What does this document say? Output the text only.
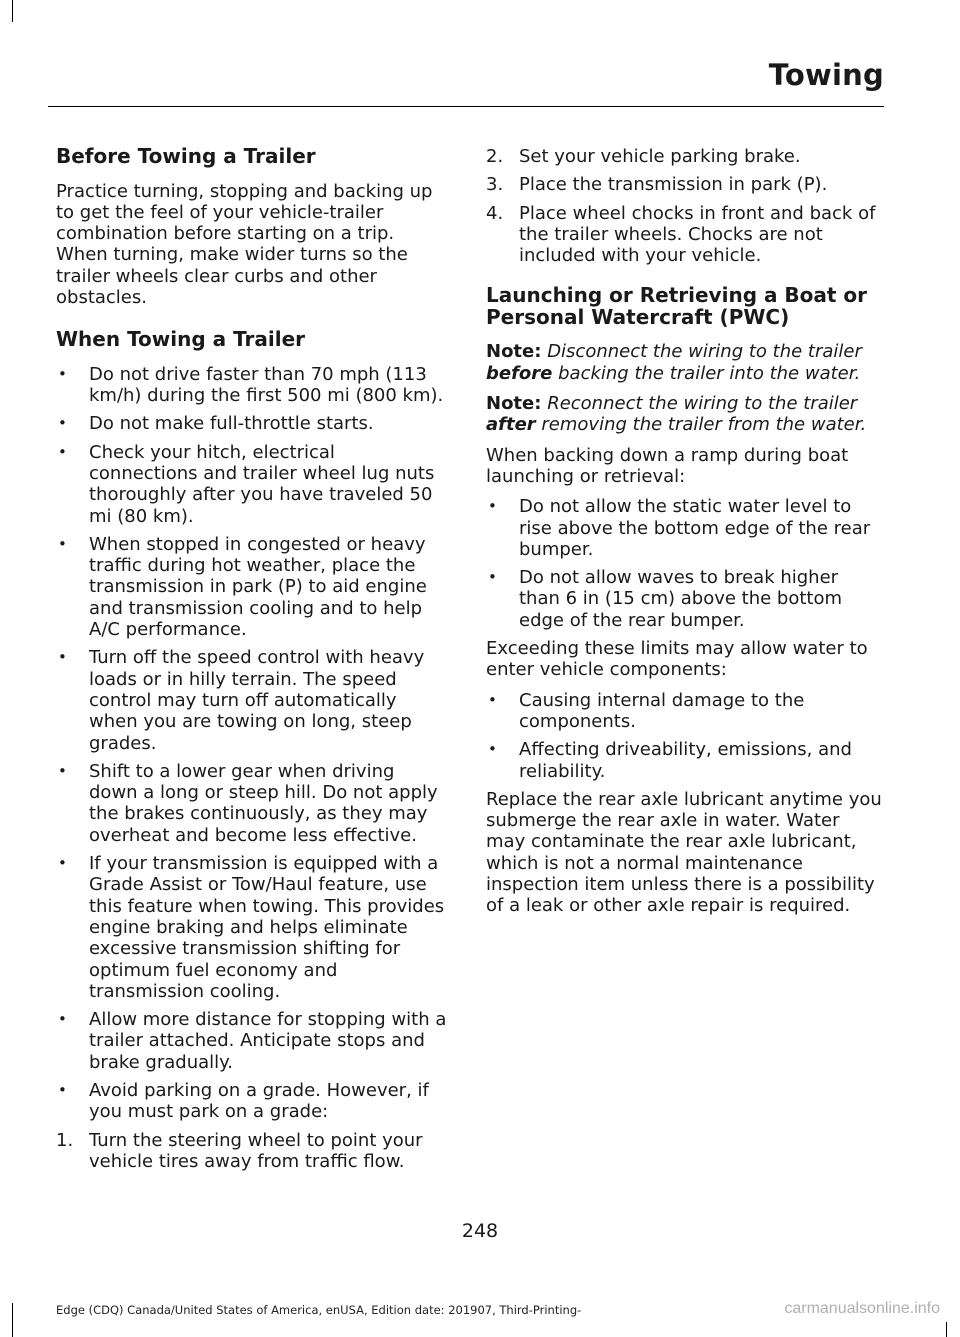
Towing
Before Towing a Trailer

Practice turning, stopping and backing up to get the feel of your vehicle-trailer combination before starting on a trip. When turning, make wider turns so the trailer wheels clear curbs and other obstacles.

When Towing a Trailer
• Do not drive faster than 70 mph (113 km/h) during the first 500 mi (800 km).
• Do not make full-throttle starts.
• Check your hitch, electrical connections and trailer wheel lug nuts thoroughly after you have traveled 50 mi (80 km).
• When stopped in congested or heavy traffic during hot weather, place the transmission in park (P) to aid engine and transmission cooling and to help A/C performance.
• Turn off the speed control with heavy loads or in hilly terrain. The speed control may turn off automatically when you are towing on long, steep grades.
• Shift to a lower gear when driving down a long or steep hill. Do not apply the brakes continuously, as they may overheat and become less effective.
• If your transmission is equipped with a Grade Assist or Tow/Haul feature, use this feature when towing. This provides engine braking and helps eliminate excessive transmission shifting for optimum fuel economy and transmission cooling.
• Allow more distance for stopping with a trailer attached. Anticipate stops and brake gradually.
• Avoid parking on a grade. However, if you must park on a grade:
1. Turn the steering wheel to point your vehicle tires away from traffic flow.
2. Set your vehicle parking brake.
3. Place the transmission in park (P).
4. Place wheel chocks in front and back of the trailer wheels. Chocks are not included with your vehicle.
Launching or Retrieving a Boat or Personal Watercraft (PWC)

Note: Disconnect the wiring to the trailer before backing the trailer into the water.

Note: Reconnect the wiring to the trailer after removing the trailer from the water.

When backing down a ramp during boat launching or retrieval:

• Do not allow the static water level to rise above the bottom edge of the rear bumper.
• Do not allow waves to break higher than 6 in (15 cm) above the bottom edge of the rear bumper.

Exceeding these limits may allow water to enter vehicle components:

• Causing internal damage to the components.
• Affecting driveability, emissions, and reliability.

Replace the rear axle lubricant anytime you submerge the rear axle in water. Water may contaminate the rear axle lubricant, which is not a normal maintenance inspection item unless there is a possibility of a leak or other axle repair is required.

248
Edge (CDQ) Canada/United States of America, enUSA, Edition date: 201907, Third-Printing-	carmanualsonline.info
